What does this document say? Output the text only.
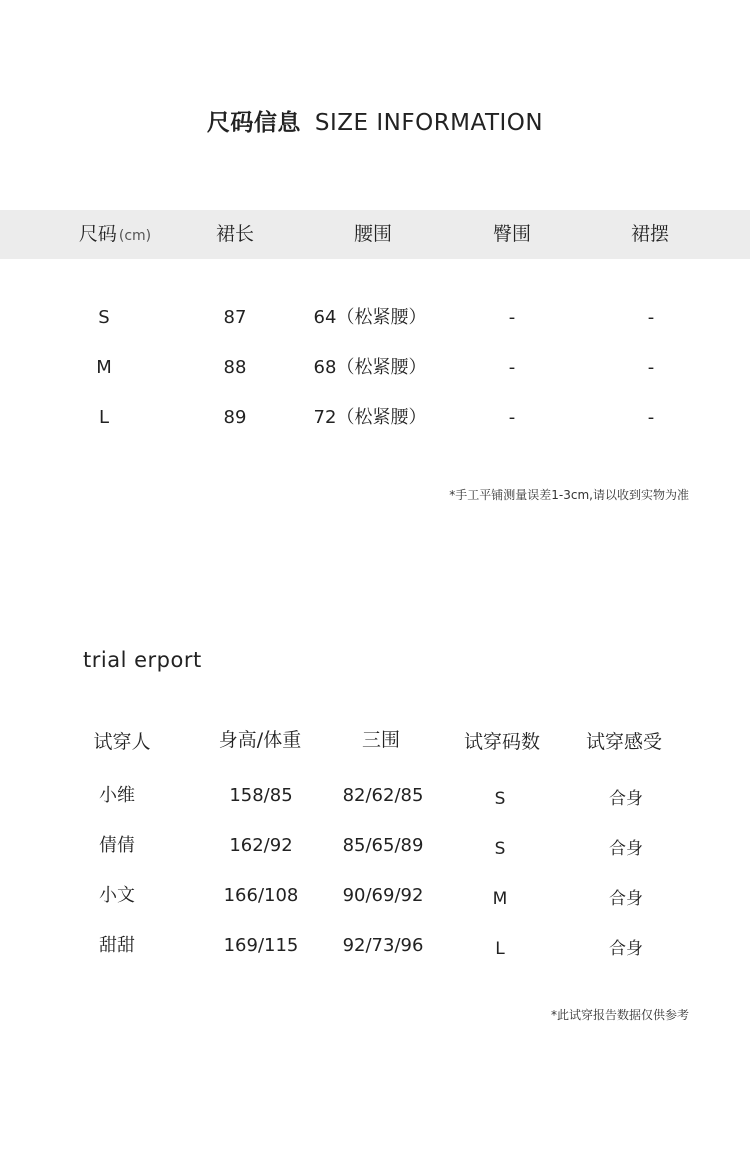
尺码信息 SIZE INFORMATION
尺码 (cm)	裙长	腰围	臀围	裙摆
S	87	64（松紧腰）	-	-
M	88	68（松紧腰）	-	-
L	89	72（松紧腰）	-	-
*手工平铺测量误差1-3cm,请以收到实物为准
trial erport
试穿人	身高/体重	三围	试穿码数	试穿感受
小维	158/85	82/62/85	S	合身
倩倩	162/92	85/65/89	S	合身
小文	166/108	90/69/92	M	合身
甜甜	169/115	92/73/96	L	合身
*此试穿报告数据仅供参考
